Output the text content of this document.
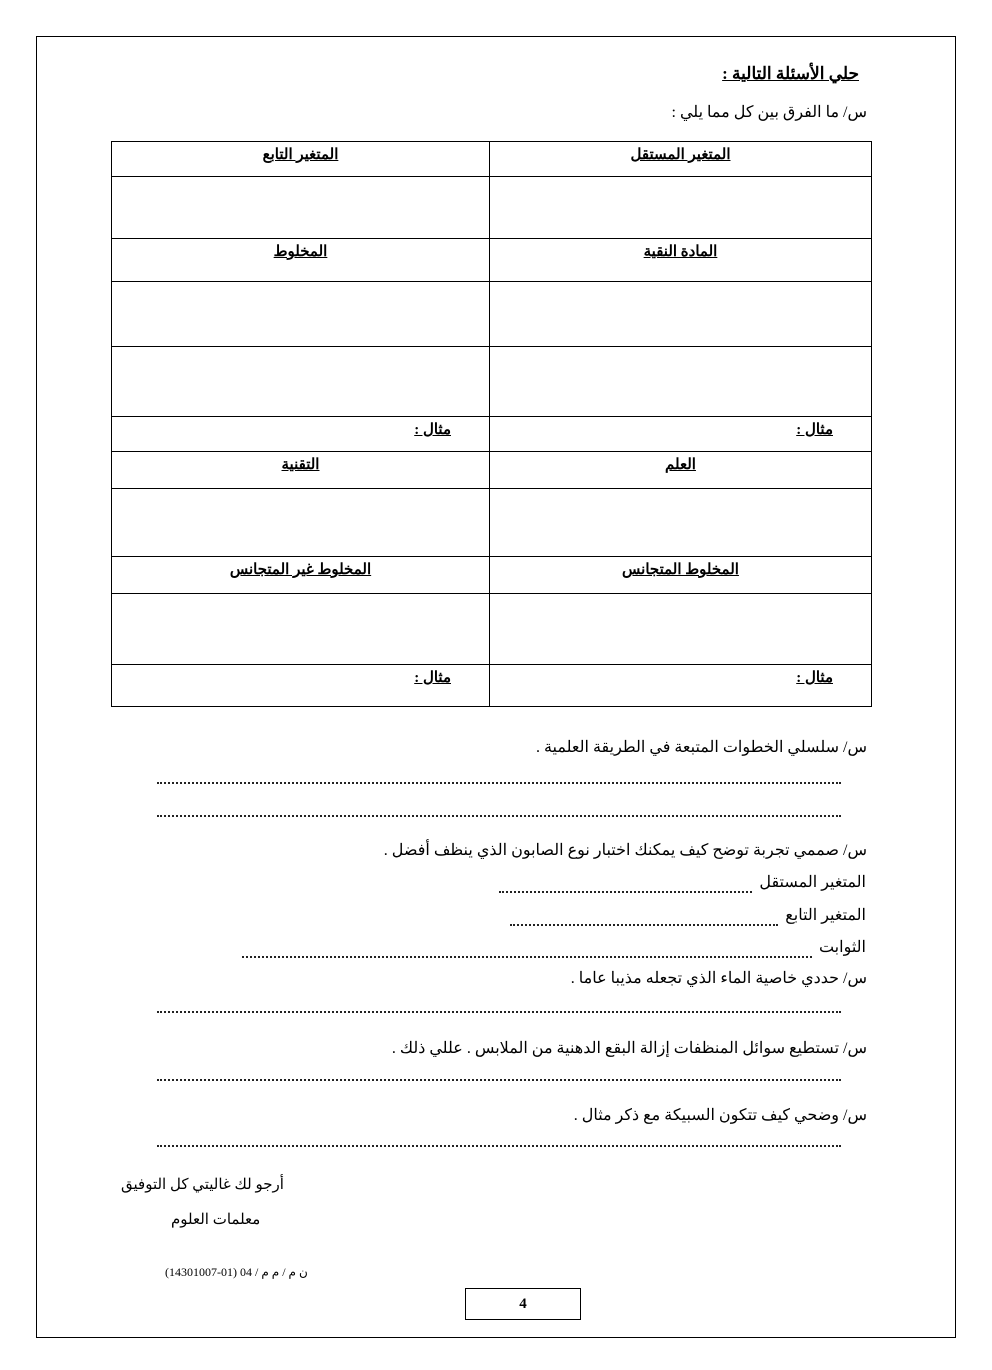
حلي الأسئلة التالية :
س/ ما الفرق بين كل مما يلي :
المتغير المستقل	المتغير التابع

المادة النقية	المخلوط

مثال :	مثال :
العلم	التقنية

المخلوط المتجانس	المخلوط غير المتجانس

مثال :	مثال :
س/ سلسلي الخطوات المتبعة في الطريقة العلمية .
س/ صممي تجربة توضح كيف يمكنك اختبار نوع الصابون الذي ينظف أفضل .
المتغير المستقل
المتغير التابع
الثوابت
س/ حددي خاصية الماء الذي تجعله مذيبا عاما .
س/ تستطيع سوائل المنظفات إزالة البقع الدهنية من الملابس . عللي ذلك .
س/ وضحي كيف تتكون السبيكة مع ذكر مثال .
أرجو لك غاليتي كل التوفيق
معلمات العلوم
ن م / م م / 04 (01-14301007)
4
